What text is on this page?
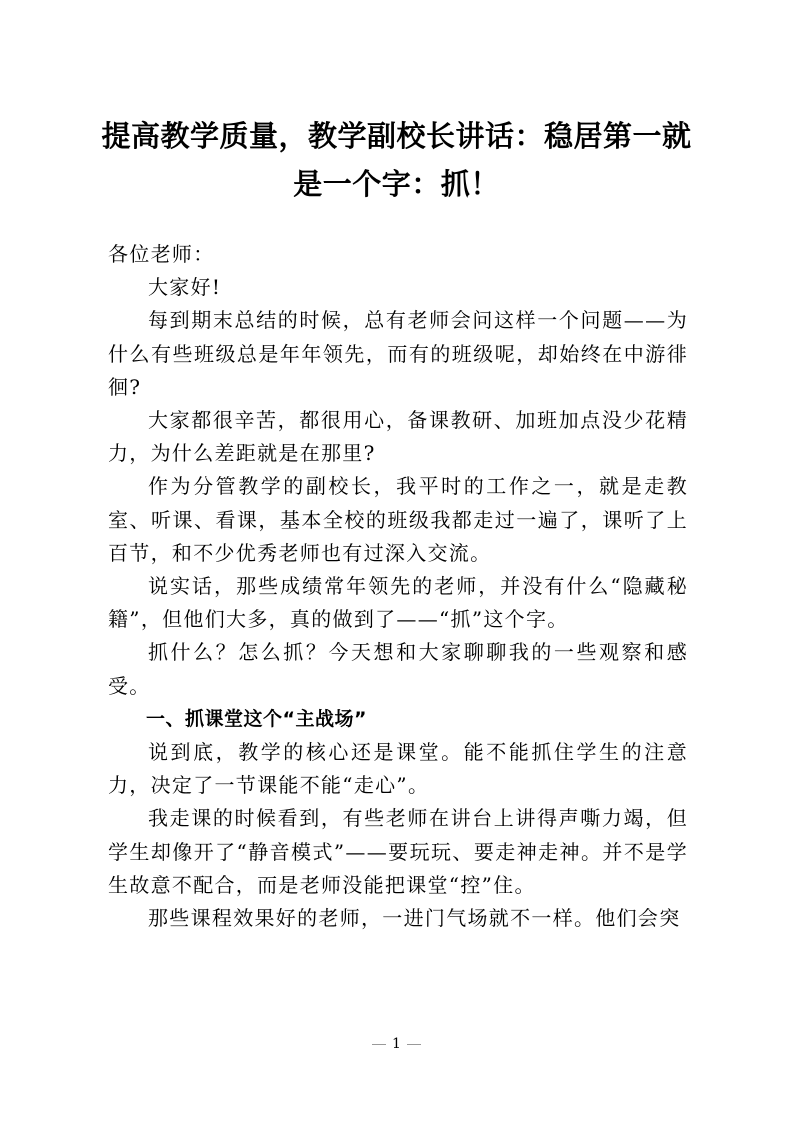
提高教学质量，教学副校长讲话：稳居第一就是一个字：抓！

各位老师：

大家好!

每到期末总结的时候，总有老师会问这样一个问题——为什么有些班级总是年年领先，而有的班级呢，却始终在中游徘徊?

大家都很辛苦，都很用心，备课教研、加班加点没少花精力，为什么差距就是在那里?

作为分管教学的副校长，我平时的工作之一，就是走教室、听课、看课，基本全校的班级我都走过一遍了，课听了上百节，和不少优秀老师也有过深入交流。

说实话，那些成绩常年领先的老师，并没有什么“隐藏秘籍”，但他们大多，真的做到了——“抓”这个字。

抓什么？怎么抓？今天想和大家聊聊我的一些观察和感受。

一、抓课堂这个“主战场”

说到底，教学的核心还是课堂。能不能抓住学生的注意力，决定了一节课能不能“走心”。

我走课的时候看到，有些老师在讲台上讲得声嘶力竭，但学生却像开了“静音模式”——要玩玩、要走神走神。并不是学生故意不配合，而是老师没能把课堂“控”住。

那些课程效果好的老师，一进门气场就不一样。他们会突

1
